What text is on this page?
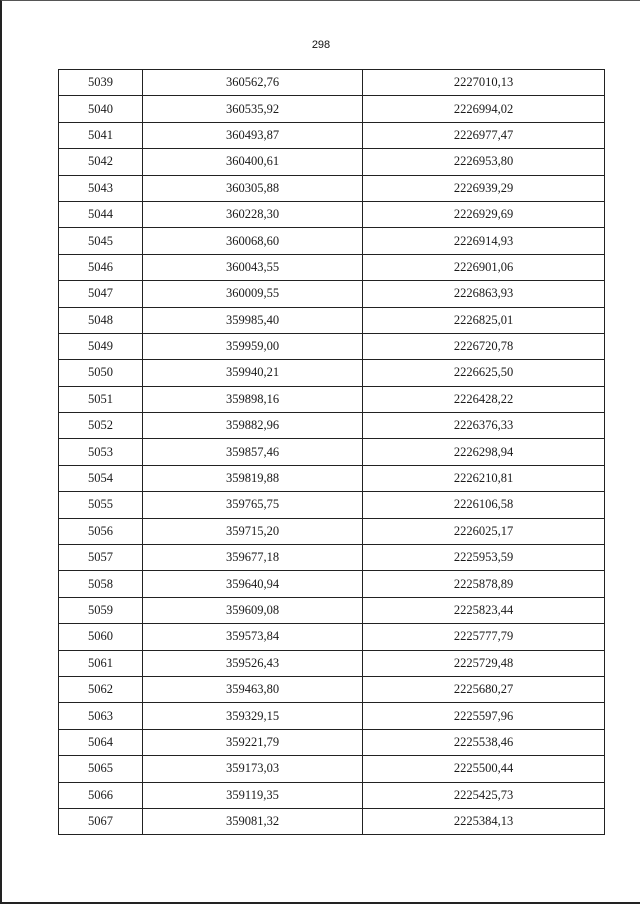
298
5039	360562,76	2227010,13
5040	360535,92	2226994,02
5041	360493,87	2226977,47
5042	360400,61	2226953,80
5043	360305,88	2226939,29
5044	360228,30	2226929,69
5045	360068,60	2226914,93
5046	360043,55	2226901,06
5047	360009,55	2226863,93
5048	359985,40	2226825,01
5049	359959,00	2226720,78
5050	359940,21	2226625,50
5051	359898,16	2226428,22
5052	359882,96	2226376,33
5053	359857,46	2226298,94
5054	359819,88	2226210,81
5055	359765,75	2226106,58
5056	359715,20	2226025,17
5057	359677,18	2225953,59
5058	359640,94	2225878,89
5059	359609,08	2225823,44
5060	359573,84	2225777,79
5061	359526,43	2225729,48
5062	359463,80	2225680,27
5063	359329,15	2225597,96
5064	359221,79	2225538,46
5065	359173,03	2225500,44
5066	359119,35	2225425,73
5067	359081,32	2225384,13
